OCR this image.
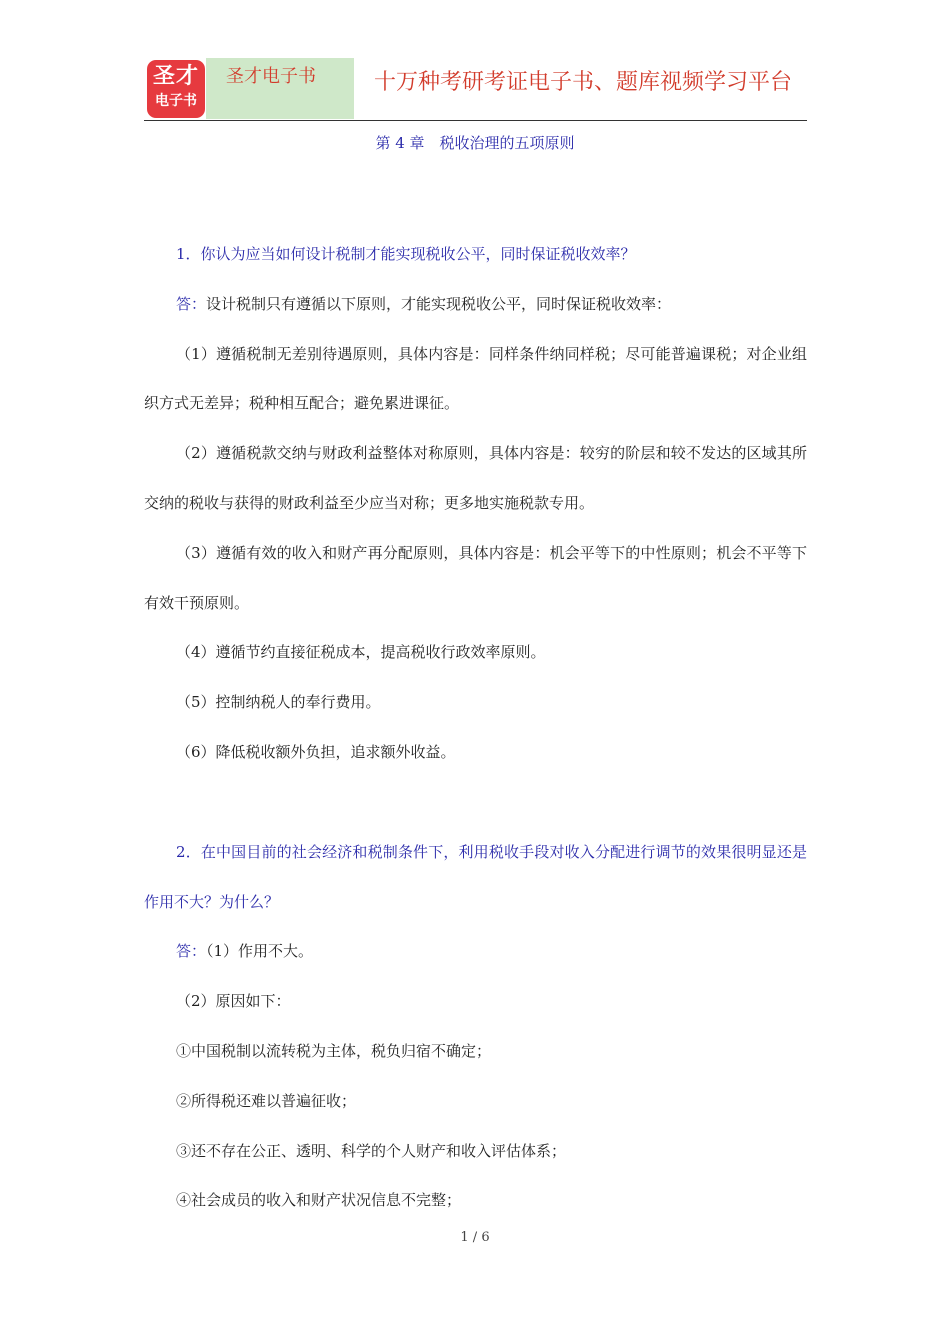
圣才
电子书
圣才电子书	十万种考研考证电子书、题库视频学习平台
第 4 章　税收治理的五项原则

1．你认为应当如何设计税制才能实现税收公平，同时保证税收效率？

答：设计税制只有遵循以下原则，才能实现税收公平，同时保证税收效率：

（1）遵循税制无差别待遇原则，具体内容是：同样条件纳同样税；尽可能普遍课税；对企业组织方式无差异；税种相互配合；避免累进课征。

（2）遵循税款交纳与财政利益整体对称原则，具体内容是：较穷的阶层和较不发达的区域其所交纳的税收与获得的财政利益至少应当对称；更多地实施税款专用。

（3）遵循有效的收入和财产再分配原则，具体内容是：机会平等下的中性原则；机会不平等下有效干预原则。

（4）遵循节约直接征税成本，提高税收行政效率原则。

（5）控制纳税人的奉行费用。

（6）降低税收额外负担，追求额外收益。

2．在中国目前的社会经济和税制条件下，利用税收手段对收入分配进行调节的效果很明显还是作用不大？为什么？

答：（1）作用不大。

（2）原因如下：

①中国税制以流转税为主体，税负归宿不确定；

②所得税还难以普遍征收；

③还不存在公正、透明、科学的个人财产和收入评估体系；

④社会成员的收入和财产状况信息不完整；

1 / 6
